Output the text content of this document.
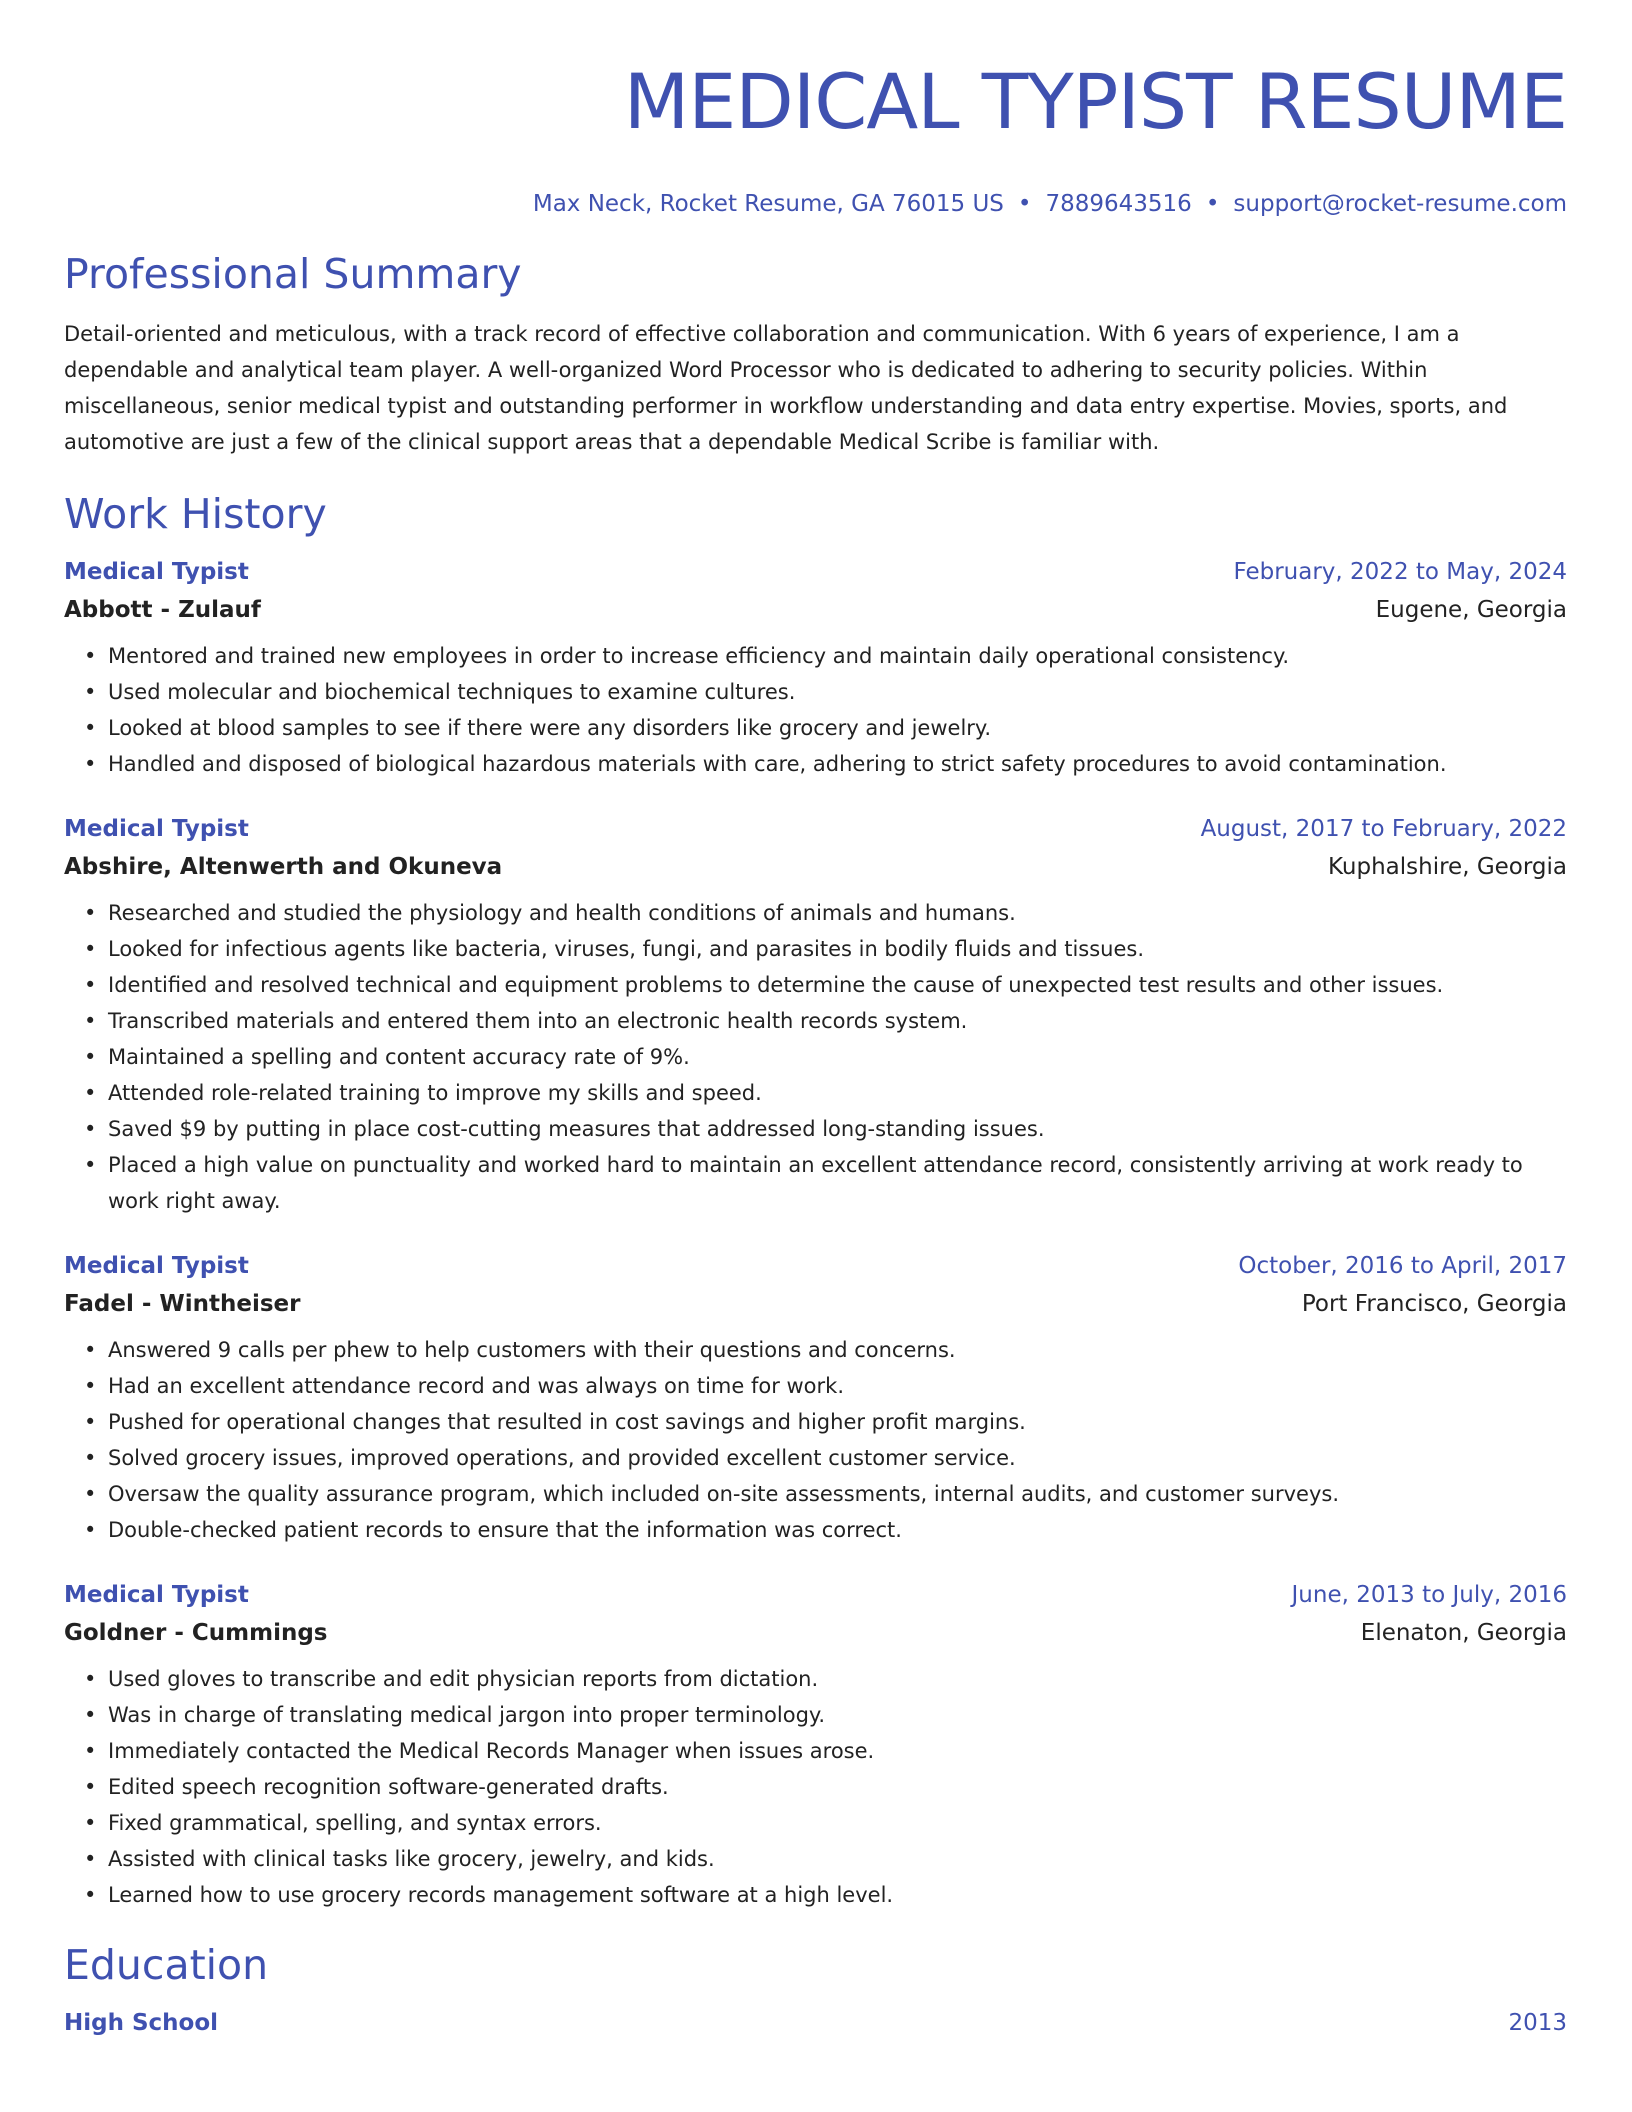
MEDICAL TYPIST RESUME
Max Neck, Rocket Resume, GA 76015 US • 7889643516 • support@rocket-resume.com
Professional Summary
Detail-oriented and meticulous, with a track record of effective collaboration and communication. With 6 years of experience, I am a dependable and analytical team player. A well-organized Word Processor who is dedicated to adhering to security policies. Within miscellaneous, senior medical typist and outstanding performer in workflow understanding and data entry expertise. Movies, sports, and automotive are just a few of the clinical support areas that a dependable Medical Scribe is familiar with.
Work History
Medical Typist	February, 2022 to May, 2024
Abbott - Zulauf	Eugene, Georgia
• Mentored and trained new employees in order to increase efficiency and maintain daily operational consistency.
• Used molecular and biochemical techniques to examine cultures.
• Looked at blood samples to see if there were any disorders like grocery and jewelry.
• Handled and disposed of biological hazardous materials with care, adhering to strict safety procedures to avoid contamination.
Medical Typist	August, 2017 to February, 2022
Abshire, Altenwerth and Okuneva	Kuphalshire, Georgia
• Researched and studied the physiology and health conditions of animals and humans.
• Looked for infectious agents like bacteria, viruses, fungi, and parasites in bodily fluids and tissues.
• Identified and resolved technical and equipment problems to determine the cause of unexpected test results and other issues.
• Transcribed materials and entered them into an electronic health records system.
• Maintained a spelling and content accuracy rate of 9%.
• Attended role-related training to improve my skills and speed.
• Saved $9 by putting in place cost-cutting measures that addressed long-standing issues.
• Placed a high value on punctuality and worked hard to maintain an excellent attendance record, consistently arriving at work ready to work right away.
Medical Typist	October, 2016 to April, 2017
Fadel - Wintheiser	Port Francisco, Georgia
• Answered 9 calls per phew to help customers with their questions and concerns.
• Had an excellent attendance record and was always on time for work.
• Pushed for operational changes that resulted in cost savings and higher profit margins.
• Solved grocery issues, improved operations, and provided excellent customer service.
• Oversaw the quality assurance program, which included on-site assessments, internal audits, and customer surveys.
• Double-checked patient records to ensure that the information was correct.
Medical Typist	June, 2013 to July, 2016
Goldner - Cummings	Elenaton, Georgia
• Used gloves to transcribe and edit physician reports from dictation.
• Was in charge of translating medical jargon into proper terminology.
• Immediately contacted the Medical Records Manager when issues arose.
• Edited speech recognition software-generated drafts.
• Fixed grammatical, spelling, and syntax errors.
• Assisted with clinical tasks like grocery, jewelry, and kids.
• Learned how to use grocery records management software at a high level.
Education
High School	2013
